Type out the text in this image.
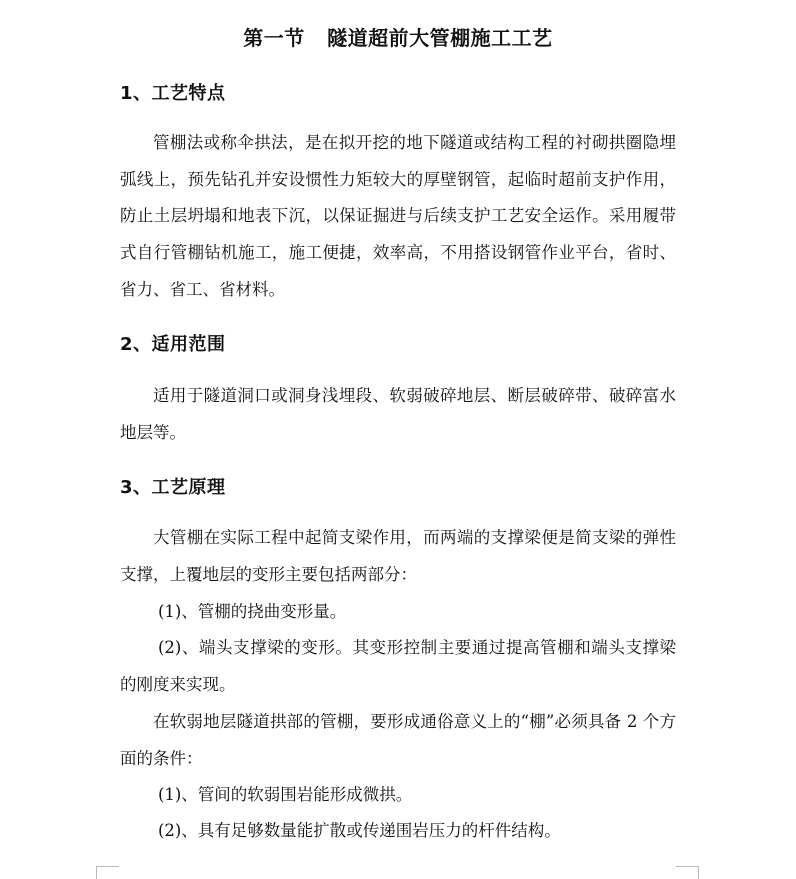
第一节   隧道超前大管棚施工工艺
1、工艺特点

管棚法或称伞拱法，是在拟开挖的地下隧道或结构工程的衬砌拱圈隐埋弧线上，预先钻孔并安设惯性力矩较大的厚壁钢管，起临时超前支护作用，防止土层坍塌和地表下沉，以保证掘进与后续支护工艺安全运作。采用履带式自行管棚钻机施工，施工便捷，效率高，不用搭设钢管作业平台，省时、省力、省工、省材料。

2、适用范围

适用于隧道洞口或洞身浅埋段、软弱破碎地层、断层破碎带、破碎富水地层等。

3、工艺原理

大管棚在实际工程中起简支梁作用，而两端的支撑梁便是简支梁的弹性支撑，上覆地层的变形主要包括两部分：

(1)、管棚的挠曲变形量。

(2)、端头支撑梁的变形。其变形控制主要通过提高管棚和端头支撑梁的刚度来实现。

在软弱地层隧道拱部的管棚，要形成通俗意义上的“棚”必须具备 2 个方面的条件：

(1)、管间的软弱围岩能形成微拱。

(2)、具有足够数量能扩散或传递围岩压力的杆件结构。
